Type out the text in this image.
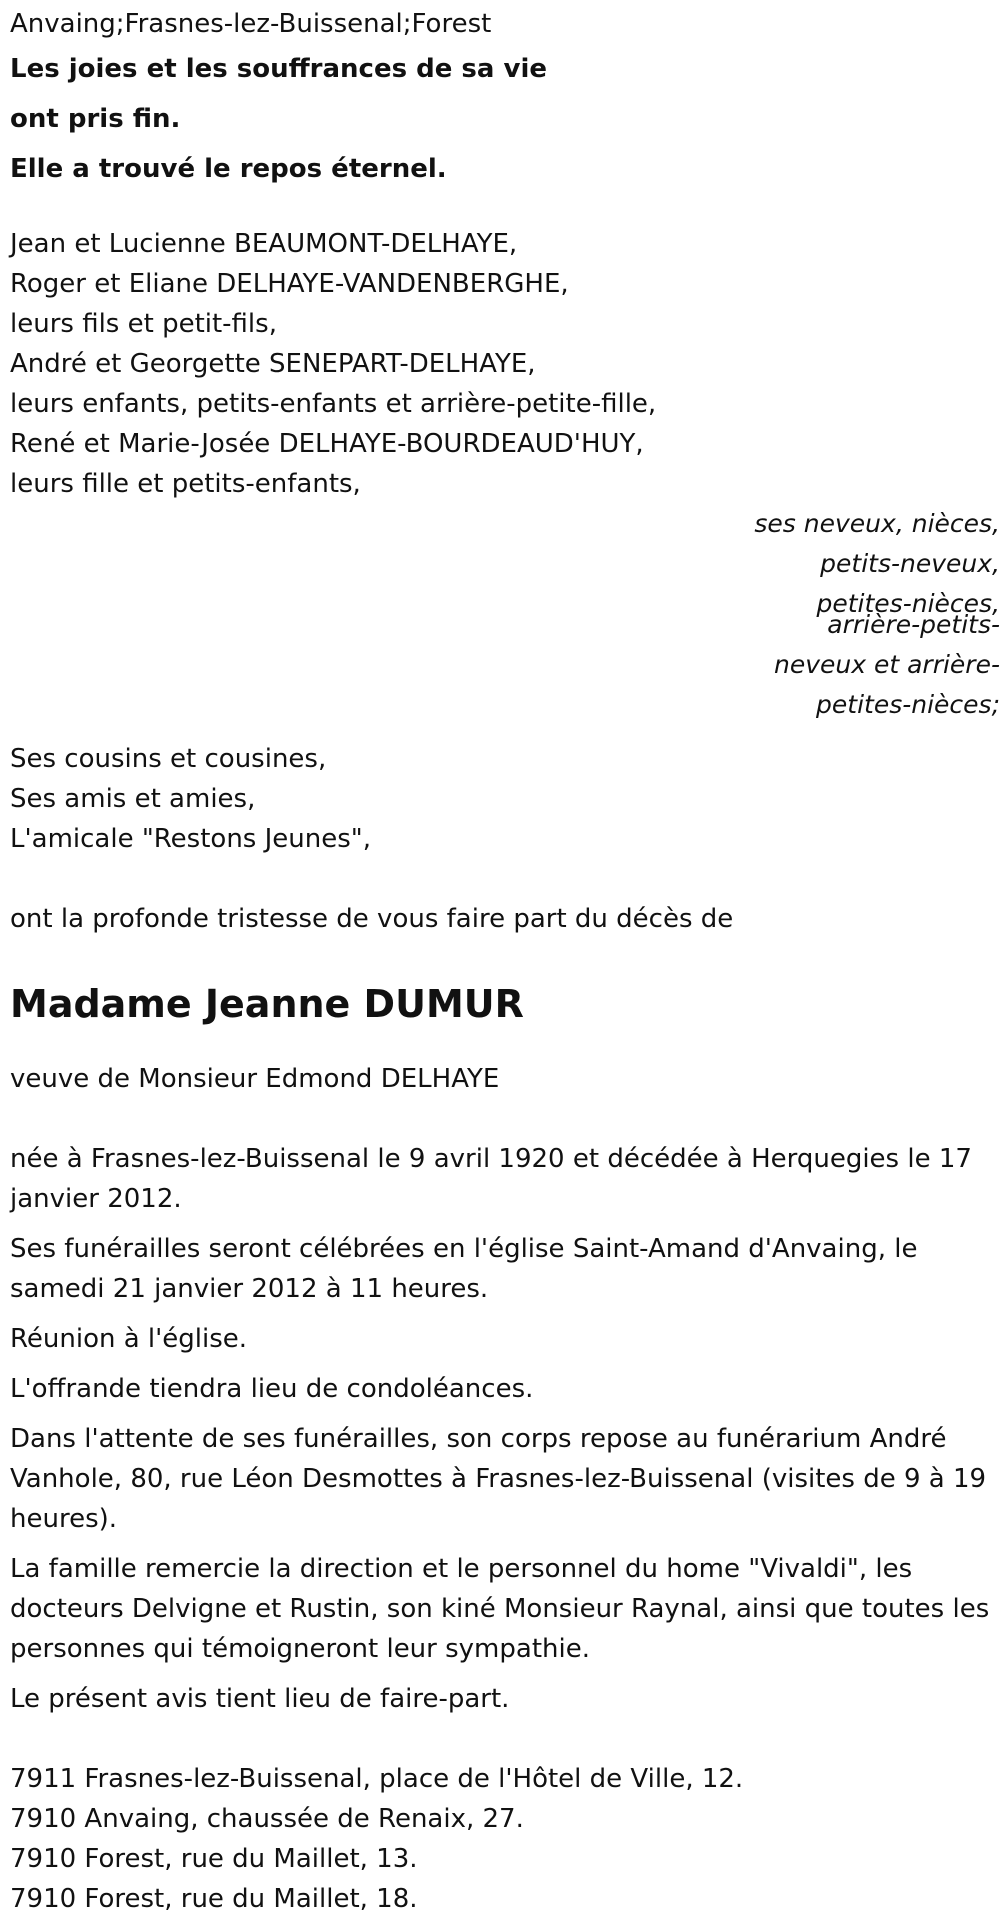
Anvaing;Frasnes-lez-Buissenal;Forest
Les joies et les souffrances de sa vie
ont pris fin.
Elle a trouvé le repos éternel.
Jean et Lucienne BEAUMONT-DELHAYE,
Roger et Eliane DELHAYE-VANDENBERGHE,
leurs fils et petit-fils,
André et Georgette SENEPART-DELHAYE,
leurs enfants, petits-enfants et arrière-petite-fille,
René et Marie-Josée DELHAYE-BOURDEAUD'HUY,
leurs fille et petits-enfants,
ses neveux, nièces,
petits-neveux,
petites-nièces,
arrière-petits-
neveux et arrière-
petites-nièces;
Ses cousins et cousines,
Ses amis et amies,
L'amicale "Restons Jeunes",
ont la profonde tristesse de vous faire part du décès de
Madame Jeanne DUMUR
veuve de Monsieur Edmond DELHAYE
née à Frasnes-lez-Buissenal le 9 avril 1920 et décédée à Herquegies le 17 janvier 2012.
Ses funérailles seront célébrées en l'église Saint-Amand d'Anvaing, le samedi 21 janvier 2012 à 11 heures.
Réunion à l'église.
L'offrande tiendra lieu de condoléances.
Dans l'attente de ses funérailles, son corps repose au funérarium André Vanhole, 80, rue Léon Desmottes à Frasnes-lez-Buissenal (visites de 9 à 19 heures).
La famille remercie la direction et le personnel du home "Vivaldi", les docteurs Delvigne et Rustin, son kiné Monsieur Raynal, ainsi que toutes les personnes qui témoigneront leur sympathie.
Le présent avis tient lieu de faire-part.
7911 Frasnes-lez-Buissenal, place de l'Hôtel de Ville, 12.
7910 Anvaing, chaussée de Renaix, 27.
7910 Forest, rue du Maillet, 13.
7910 Forest, rue du Maillet, 18.
